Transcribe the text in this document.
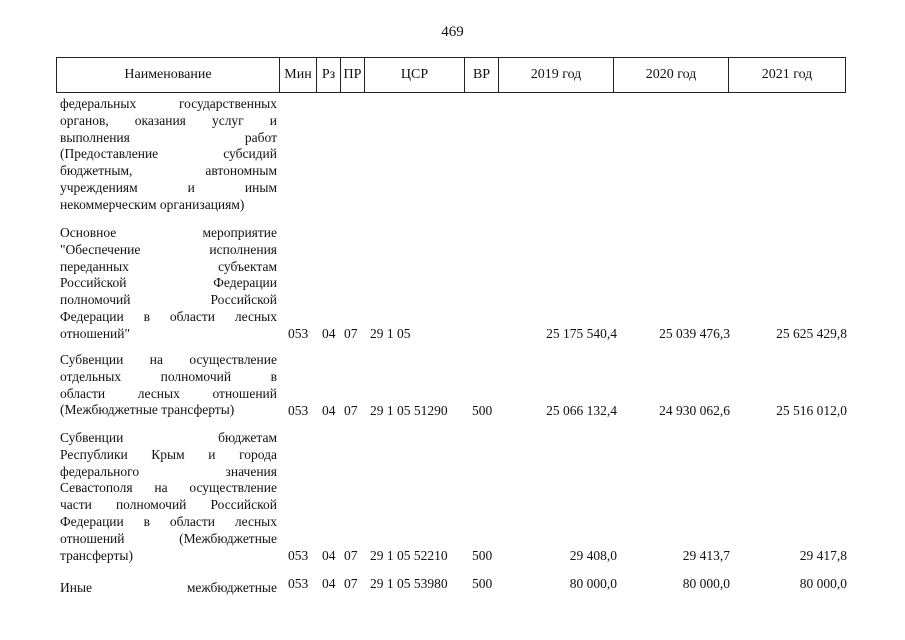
469
Наименование	Мин Рз ПР	ЦСР	ВР	2019 год	2020 год	2021 год
федеральных государственных
органов, оказания услуг и
выполнения работ
(Предоставление субсидий
бюджетным, автономным
учреждениям и иным
некоммерческим организациям)
Основное мероприятие
"Обеспечение исполнения
переданных субъектам
Российской Федерации
полномочий Российской
Федерации в области лесных
отношений"	053 04 07 29 1 05	25 175 540,4	25 039 476,3	25 625 429,8
Субвенции на осуществление
отдельных полномочий в
области лесных отношений
(Межбюджетные трансферты)	053 04 07 29 1 05 51290 500	25 066 132,4	24 930 062,6	25 516 012,0
Субвенции бюджетам
Республики Крым и города
федерального значения
Севастополя на осуществление
части полномочий Российской
Федерации в области лесных
отношений (Межбюджетные
трансферты)	053 04 07 29 1 05 52210 500	29 408,0	29 413,7	29 417,8
Иные межбюджетные 053 04 07 29 1 05 53980 500	80 000,0	80 000,0	80 000,0
